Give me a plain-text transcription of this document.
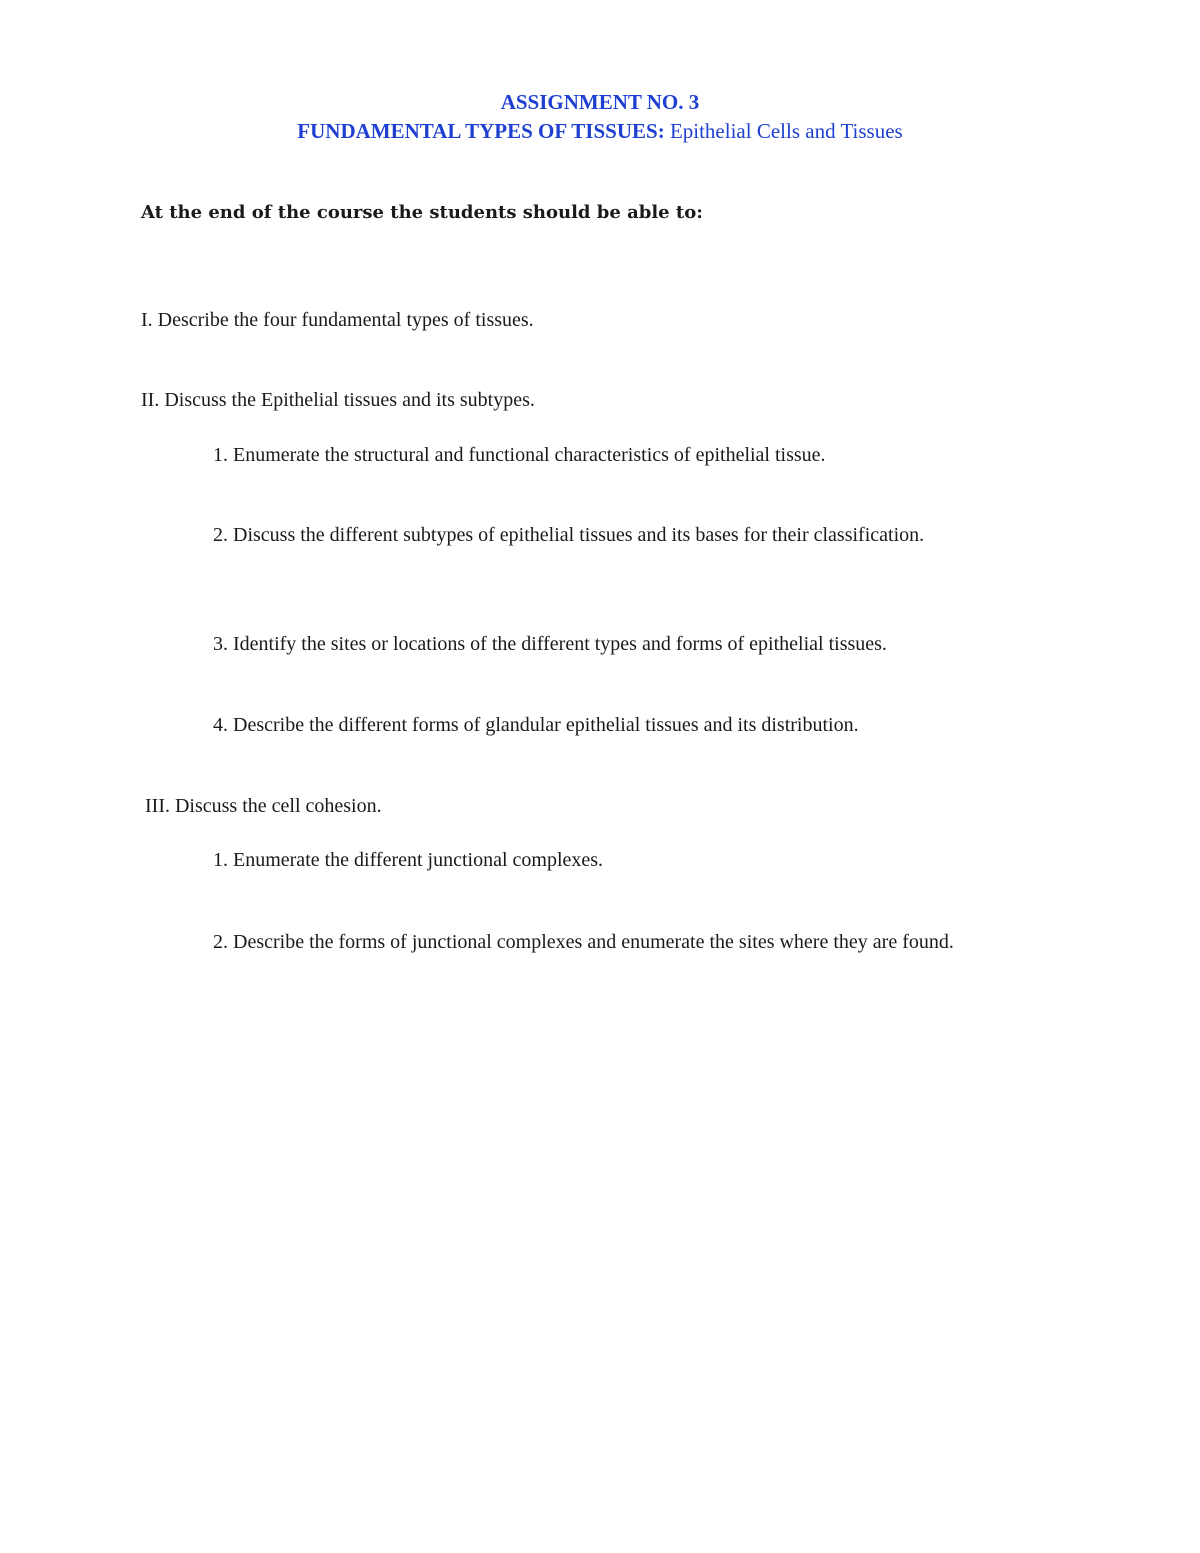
ASSIGNMENT NO. 3
FUNDAMENTAL TYPES OF TISSUES: Epithelial Cells and Tissues
At the end of the course the students should be able to:
I. Describe the four fundamental types of tissues.
II. Discuss the Epithelial tissues and its subtypes.
1. Enumerate the structural and functional characteristics of epithelial tissue.
2. Discuss the different subtypes of epithelial tissues and its bases for their classification.
3. Identify the sites or locations of the different types and forms of epithelial tissues.
4. Describe the different forms of glandular epithelial tissues and its distribution.
III. Discuss the cell cohesion.
1. Enumerate the different junctional complexes.
2. Describe the forms of junctional complexes and enumerate the sites where they are found.
